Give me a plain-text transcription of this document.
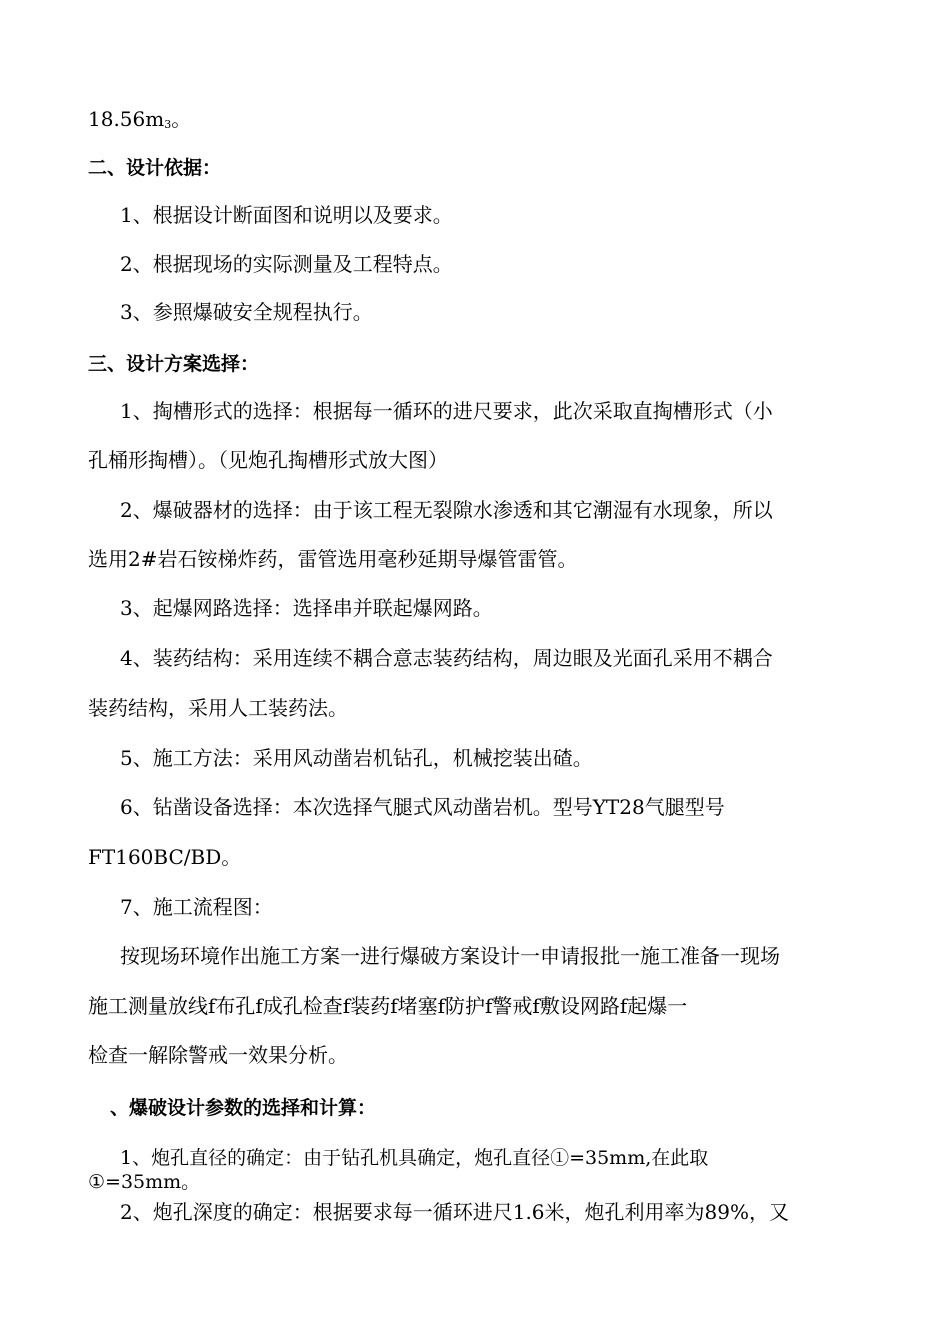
$18.56m_3$。
二、设计依据：
1、根据设计断面图和说明以及要求。
2、根据现场的实际测量及工程特点。
3、参照爆破安全规程执行。
三、设计方案选择：
1、掏槽形式的选择：根据每一循环的进尺要求，此次采取直掏槽形式（小
孔桶形掏槽）。（见炮孔掏槽形式放大图）
2、爆破器材的选择：由于该工程无裂隙水渗透和其它潮湿有水现象，所以
选用2#岩石铵梯炸药，雷管选用毫秒延期导爆管雷管。
3、起爆网路选择：选择串并联起爆网路。
4、装药结构：采用连续不耦合意志装药结构，周边眼及光面孔采用不耦合
装药结构，采用人工装药法。
5、施工方法：采用风动凿岩机钻孔，机械挖装出碴。
6、钻凿设备选择：本次选择气腿式风动凿岩机。型号YT28气腿型号
FT160BC/BD。
7、施工流程图：
按现场环境作出施工方案一进行爆破方案设计一申请报批一施工准备一现场
施工测量放线f布孔f成孔检查f装药f堵塞f防护f警戒f敷设网路f起爆一
检查一解除警戒一效果分析。
、爆破设计参数的选择和计算：
1、炮孔直径的确定：由于钻孔机具确定，炮孔直径①=35mm,在此取
①=35mm。
2、炮孔深度的确定：根据要求每一循环进尺1.6米，炮孔利用率为89%，又
